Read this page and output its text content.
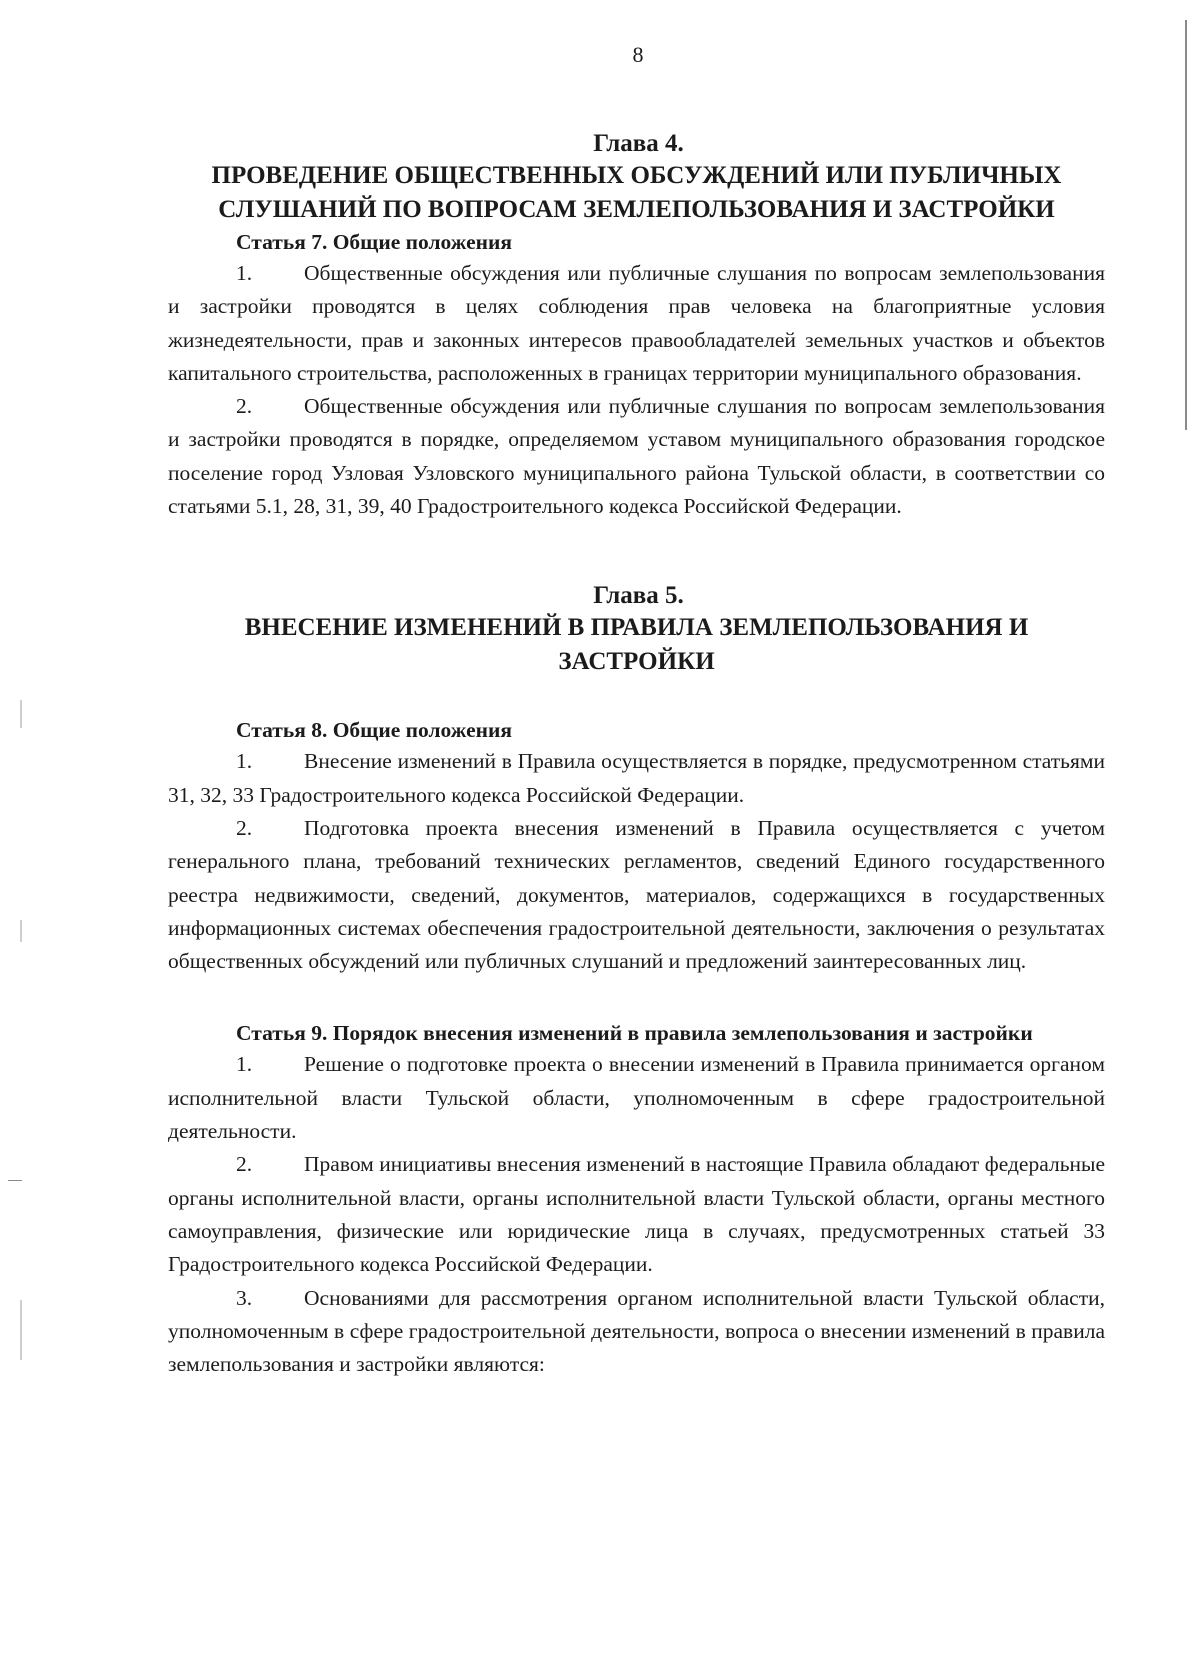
8
Глава 4.
ПРОВЕДЕНИЕ ОБЩЕСТВЕННЫХ ОБСУЖДЕНИЙ ИЛИ ПУБЛИЧНЫХ
СЛУШАНИЙ ПО ВОПРОСАМ ЗЕМЛЕПОЛЬЗОВАНИЯ И ЗАСТРОЙКИ
Статья 7. Общие положения

1. Общественные обсуждения или публичные слушания по вопросам землепользования и застройки проводятся в целях соблюдения прав человека на благоприятные условия жизнедеятельности, прав и законных интересов правообладателей земельных участков и объектов капитального строительства, расположенных в границах территории муниципального образования.

2. Общественные обсуждения или публичные слушания по вопросам землепользования и застройки проводятся в порядке, определяемом уставом муниципального образования городское поселение город Узловая Узловского муниципального района Тульской области, в соответствии со статьями 5.1, 28, 31, 39, 40 Градостроительного кодекса Российской Федерации.

Глава 5.
ВНЕСЕНИЕ ИЗМЕНЕНИЙ В ПРАВИЛА ЗЕМЛЕПОЛЬЗОВАНИЯ И
ЗАСТРОЙКИ
Статья 8. Общие положения

1. Внесение изменений в Правила осуществляется в порядке, предусмотренном статьями 31, 32, 33 Градостроительного кодекса Российской Федерации.

2. Подготовка проекта внесения изменений в Правила осуществляется с учетом генерального плана, требований технических регламентов, сведений Единого государственного реестра недвижимости, сведений, документов, материалов, содержащихся в государственных информационных системах обеспечения градостроительной деятельности, заключения о результатах общественных обсуждений или публичных слушаний и предложений заинтересованных лиц.

Статья 9. Порядок внесения изменений в правила землепользования и застройки

1. Решение о подготовке проекта о внесении изменений в Правила принимается органом исполнительной власти Тульской области, уполномоченным в сфере градостроительной деятельности.

2. Правом инициативы внесения изменений в настоящие Правила обладают федеральные органы исполнительной власти, органы исполнительной власти Тульской области, органы местного самоуправления, физические или юридические лица в случаях, предусмотренных статьей 33 Градостроительного кодекса Российской Федерации.

3. Основаниями для рассмотрения органом исполнительной власти Тульской области, уполномоченным в сфере градостроительной деятельности, вопроса о внесении изменений в правила землепользования и застройки являются:
